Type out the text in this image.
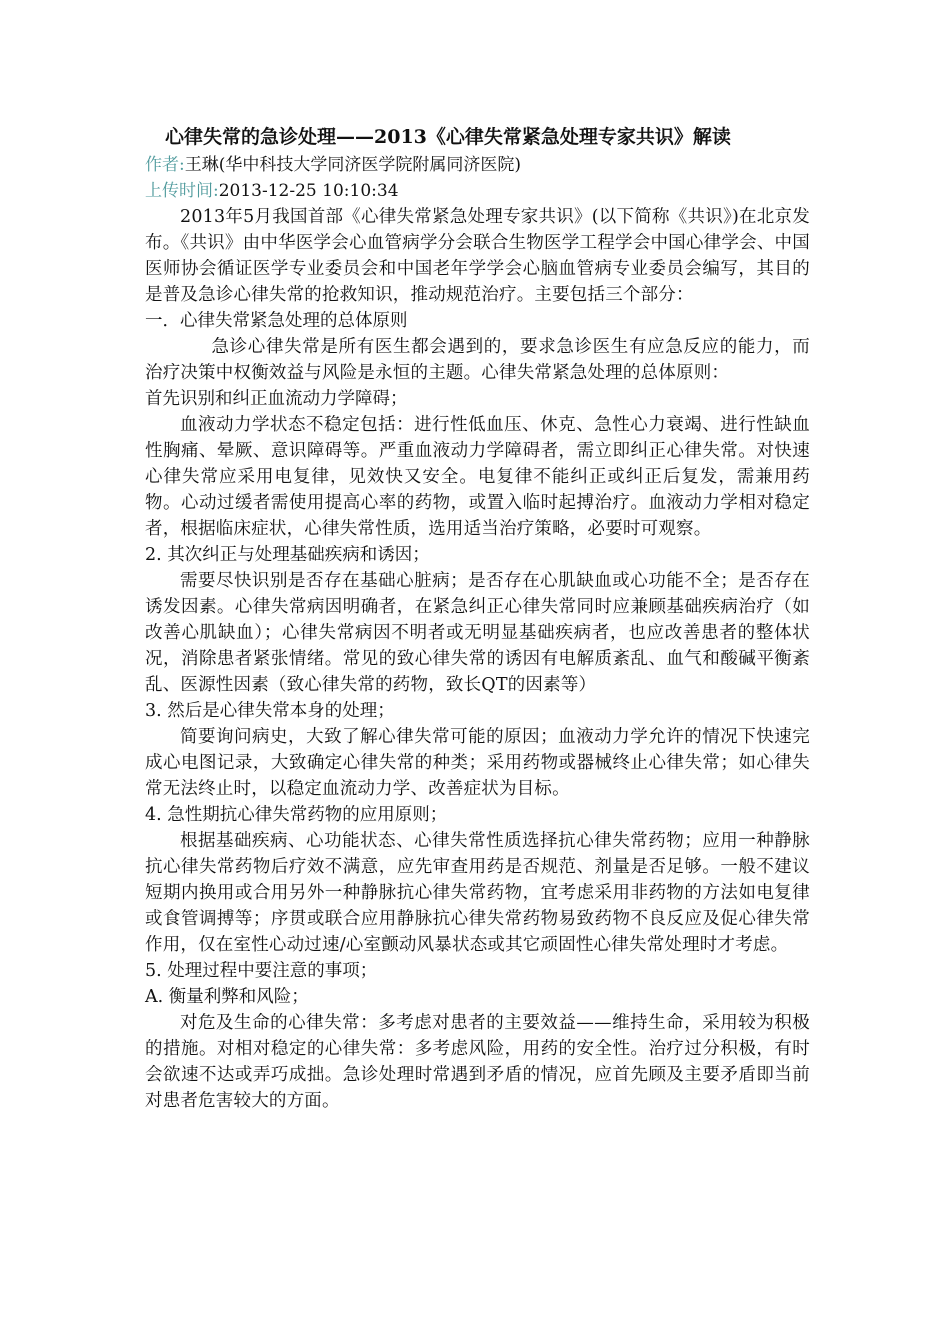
心律失常的急诊处理——2013《心律失常紧急处理专家共识》解读

作者:王琳(华中科技大学同济医学院附属同济医院)

上传时间:2013-12-25 10:10:34

2013年5月我国首部《心律失常紧急处理专家共识》(以下简称《共识》)在北京发布。《共识》由中华医学会心血管病学分会联合生物医学工程学会中国心律学会、中国医师协会循证医学专业委员会和中国老年学学会心脑血管病专业委员会编写，其目的是普及急诊心律失常的抢救知识，推动规范治疗。主要包括三个部分：

一．心律失常紧急处理的总体原则

急诊心律失常是所有医生都会遇到的，要求急诊医生有应急反应的能力，而治疗决策中权衡效益与风险是永恒的主题。心律失常紧急处理的总体原则：

首先识别和纠正血流动力学障碍；

血液动力学状态不稳定包括：进行性低血压、休克、急性心力衰竭、进行性缺血性胸痛、晕厥、意识障碍等。严重血液动力学障碍者，需立即纠正心律失常。对快速心律失常应采用电复律，见效快又安全。电复律不能纠正或纠正后复发，需兼用药物。心动过缓者需使用提高心率的药物，或置入临时起搏治疗。血液动力学相对稳定者，根据临床症状，心律失常性质，选用适当治疗策略，必要时可观察。

2. 其次纠正与处理基础疾病和诱因；

需要尽快识别是否存在基础心脏病；是否存在心肌缺血或心功能不全；是否存在诱发因素。心律失常病因明确者，在紧急纠正心律失常同时应兼顾基础疾病治疗（如改善心肌缺血）；心律失常病因不明者或无明显基础疾病者，也应改善患者的整体状况，消除患者紧张情绪。常见的致心律失常的诱因有电解质紊乱、血气和酸碱平衡紊乱、医源性因素（致心律失常的药物，致长QT的因素等）

3. 然后是心律失常本身的处理；

简要询问病史，大致了解心律失常可能的原因；血液动力学允许的情况下快速完成心电图记录，大致确定心律失常的种类；采用药物或器械终止心律失常；如心律失常无法终止时，以稳定血流动力学、改善症状为目标。

4. 急性期抗心律失常药物的应用原则；

根据基础疾病、心功能状态、心律失常性质选择抗心律失常药物；应用一种静脉抗心律失常药物后疗效不满意，应先审查用药是否规范、剂量是否足够。一般不建议短期内换用或合用另外一种静脉抗心律失常药物，宜考虑采用非药物的方法如电复律或食管调搏等；序贯或联合应用静脉抗心律失常药物易致药物不良反应及促心律失常作用，仅在室性心动过速/心室颤动风暴状态或其它顽固性心律失常处理时才考虑。

5. 处理过程中要注意的事项；

A. 衡量利弊和风险；

对危及生命的心律失常：多考虑对患者的主要效益——维持生命，采用较为积极的措施。对相对稳定的心律失常：多考虑风险，用药的安全性。治疗过分积极，有时会欲速不达或弄巧成拙。急诊处理时常遇到矛盾的情况，应首先顾及主要矛盾即当前对患者危害较大的方面。
